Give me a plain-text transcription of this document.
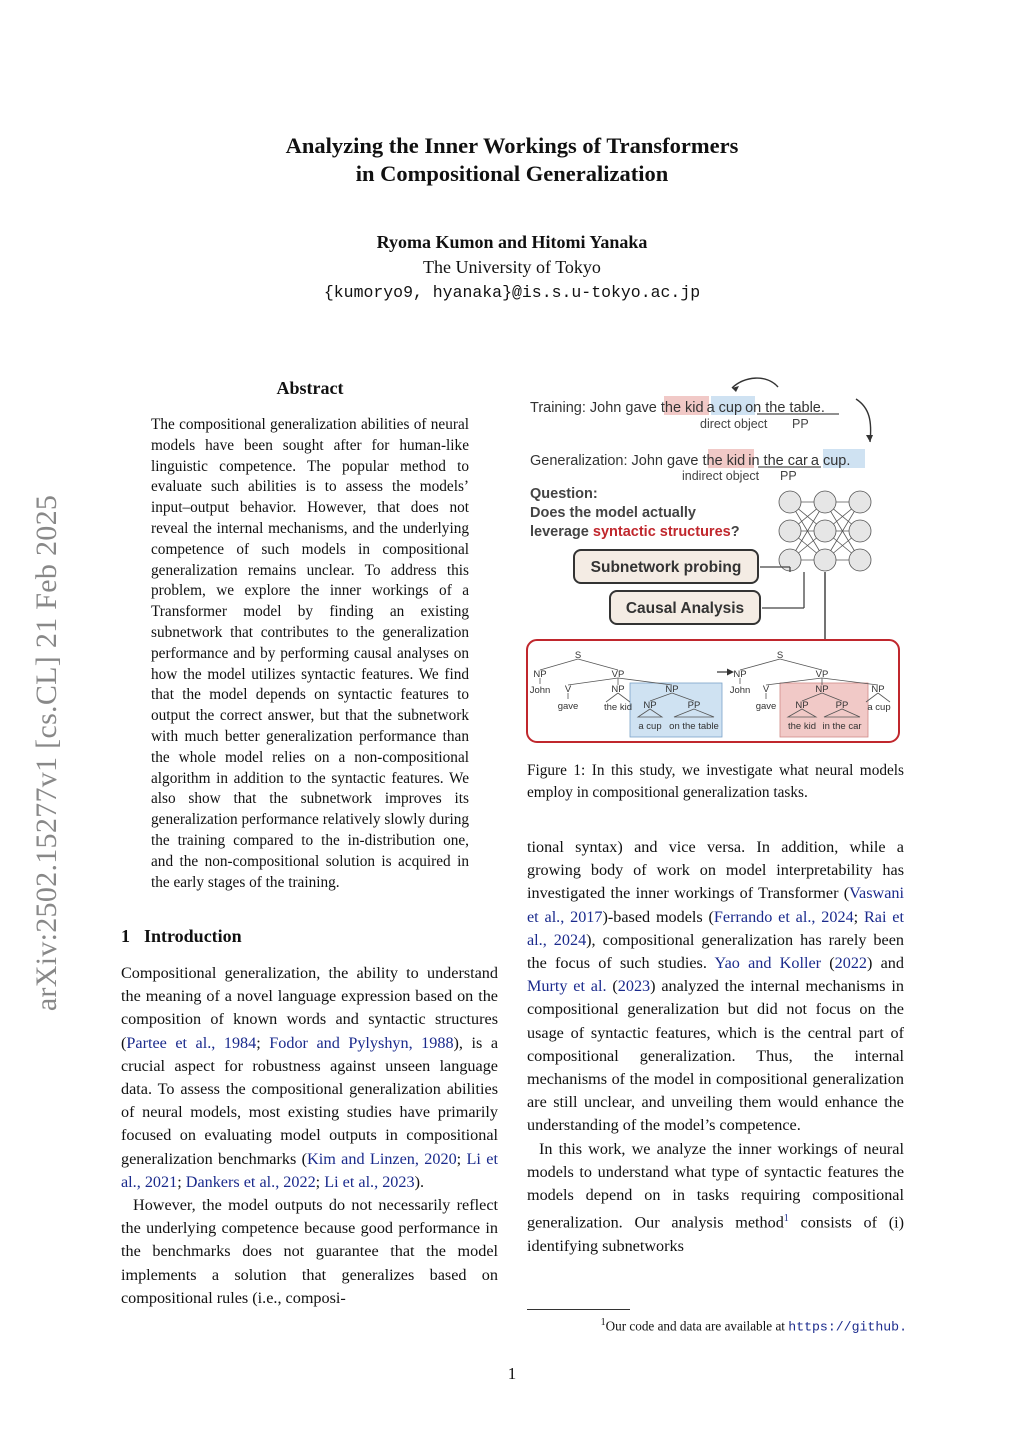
arXiv:2502.15277v1 [cs.CL] 21 Feb 2025
Analyzing the Inner Workings of Transformers
in Compositional Generalization
Ryoma Kumon and Hitomi Yanaka
The University of Tokyo
{kumoryo9, hyanaka}@is.s.u-tokyo.ac.jp
Abstract
The compositional generalization abilities of neural models have been sought after for human-like linguistic competence. The popular method to evaluate such abilities is to assess the models’ input–output behavior. However, that does not reveal the internal mechanisms, and the underlying competence of such models in compositional generalization remains unclear. To address this problem, we explore the inner workings of a Transformer model by finding an existing subnetwork that contributes to the generalization performance and by performing causal analyses on how the model utilizes syntactic features. We find that the model depends on syntactic features to output the correct answer, but that the subnetwork with much better generalization performance than the whole model relies on a non-compositional algorithm in addition to the syntactic features. We also show that the subnetwork improves its generalization performance relatively slowly during the training compared to the in-distribution one, and the non-compositional solution is acquired in the early stages of the training.
1 Introduction

Compositional generalization, the ability to understand the meaning of a novel language expression based on the composition of known words and syntactic structures (Partee et al., 1984; Fodor and Pylyshyn, 1988), is a crucial aspect for robustness against unseen language data. To assess the compositional generalization abilities of neural models, most existing studies have primarily focused on evaluating model outputs in compositional generalization benchmarks (Kim and Linzen, 2020; Li et al., 2021; Dankers et al., 2022; Li et al., 2023).

However, the model outputs do not necessarily reflect the underlying competence because good performance in the benchmarks does not guarantee that the model implements a solution that generalizes based on compositional rules (i.e., composi-

Training: John gave the kid a cup on the table.
direct object PP
Generalization: John gave the kid in the car a cup.
indirect object PP
Question:
Does the model actually
leverage syntactic structures?
Subnetwork probing
Causal Analysis
S
NP	VP
John V	NP	NP
gave	the kid NP	PP
a cup on the table
S
NP	VP
John V	NP	NP
gave NP	PP a cup
the kid in the car
Figure 1: In this study, we investigate what neural models employ in compositional generalization tasks.

tional syntax) and vice versa. In addition, while a growing body of work on model interpretability has investigated the inner workings of Transformer (Vaswani et al., 2017)-based models (Ferrando et al., 2024; Rai et al., 2024), compositional generalization has rarely been the focus of such studies. Yao and Koller (2022) and Murty et al. (2023) analyzed the internal mechanisms in compositional generalization but did not focus on the usage of syntactic features, which is the central part of compositional generalization. Thus, the internal mechanisms of the model in compositional generalization are still unclear, and unveiling them would enhance the understanding of the model’s competence.

In this work, we analyze the inner workings of neural models to understand what type of syntactic features the models depend on in tasks requiring compositional generalization. Our analysis method$^1$ consists of (i) identifying subnetworks

$^1$Our code and data are available at https://github.
1
